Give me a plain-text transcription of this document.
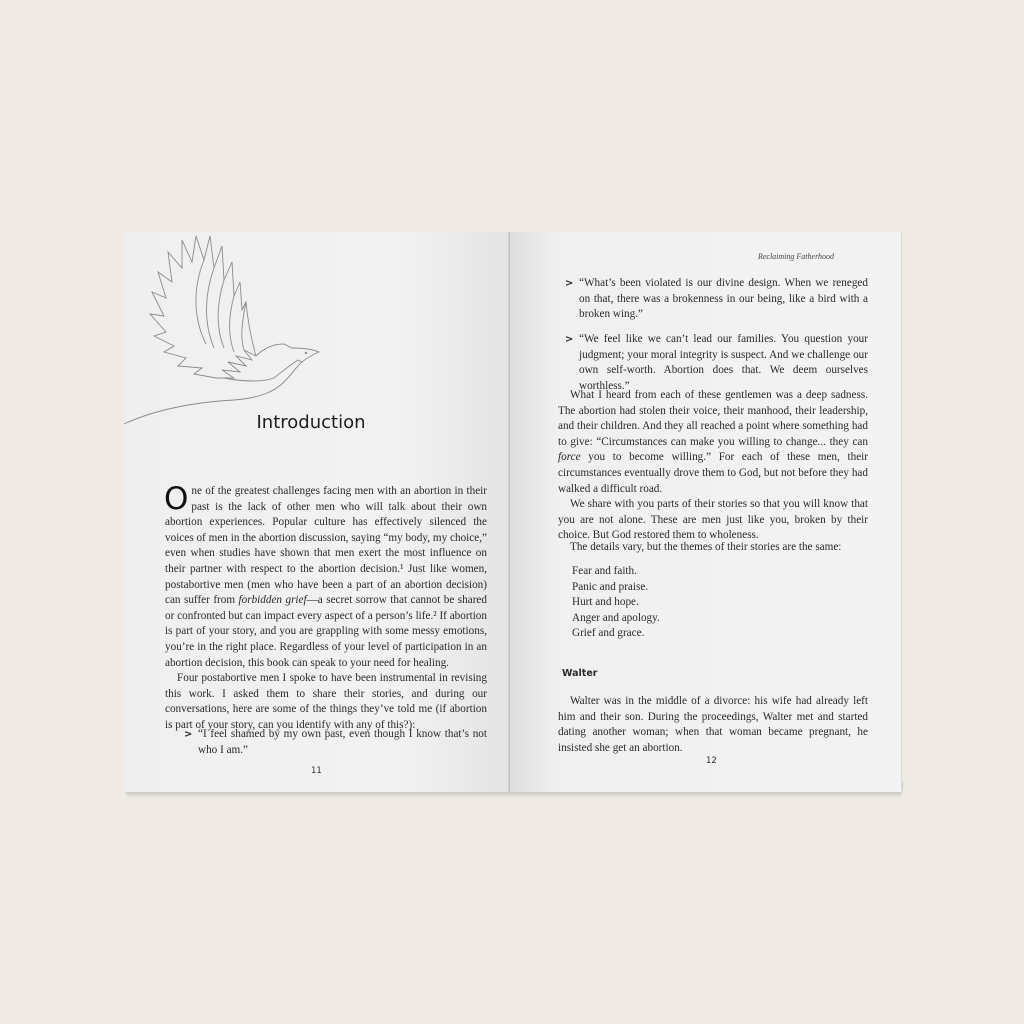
Introduction

One of the greatest challenges facing men with an abortion in their past is the lack of other men who will talk about their own abortion experiences. Popular culture has effectively silenced the voices of men in the abortion discussion, saying “my body, my choice,” even when studies have shown that men exert the most influence on their partner with respect to the abortion decision.¹ Just like women, postabortive men (men who have been a part of an abortion decision) can suffer from forbidden grief—a secret sorrow that cannot be shared or confronted but can impact every aspect of a person’s life.² If abortion is part of your story, and you are grappling with some messy emotions, you’re in the right place. Regardless of your level of participation in an abortion decision, this book can speak to your need for healing.

Four postabortive men I spoke to have been instrumental in revising this work. I asked them to share their stories, and during our conversations, here are some of the things they’ve told me (if abortion is part of your story, can you identify with any of this?):

> “I feel shamed by my own past, even though I know that’s not who I am.”

11
Reclaiming Fatherhood

> “What’s been violated is our divine design. When we reneged on that, there was a brokenness in our being, like a bird with a broken wing.”

> “We feel like we can’t lead our families. You question your judgment; your moral integrity is suspect. And we challenge our own self-worth. Abortion does that. We deem ourselves worthless.”

What I heard from each of these gentlemen was a deep sadness. The abortion had stolen their voice, their manhood, their leadership, and their children. And they all reached a point where something had to give: “Circumstances can make you willing to change... they can force you to become willing.” For each of these men, their circumstances eventually drove them to God, but not before they had walked a difficult road.

We share with you parts of their stories so that you will know that you are not alone. These are men just like you, broken by their choice. But God restored them to wholeness.

The details vary, but the themes of their stories are the same:

Fear and faith.

Panic and praise.

Hurt and hope.

Anger and apology.

Grief and grace.

Walter

Walter was in the middle of a divorce: his wife had already left him and their son. During the proceedings, Walter met and started dating another woman; when that woman became pregnant, he insisted she get an abortion.

12
